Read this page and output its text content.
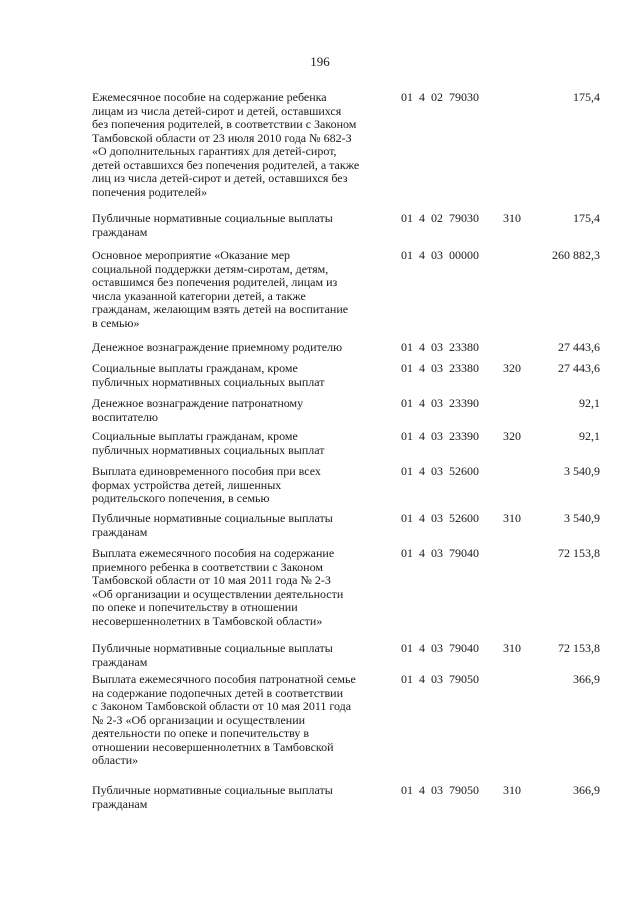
196
Ежемесячное пособие на содержание ребенка
лицам из числа детей-сирот и детей, оставшихся
без попечения родителей, в соответствии с Законом
Тамбовской области от 23 июля 2010 года № 682-З
«О дополнительных гарантиях для детей-сирот,
детей оставшихся без попечения родителей, а также
лиц из числа детей-сирот и детей, оставшихся без
попечения родителей»
01 4 02 79030	175,4
Публичные нормативные социальные выплаты
гражданам
01 4 02 79030 310	175,4
Основное мероприятие «Оказание мер
социальной поддержки детям-сиротам, детям,
оставшимся без попечения родителей, лицам из
числа указанной категории детей, а также
гражданам, желающим взять детей на воспитание
в семью»
01 4 03 00000	260 882,3
Денежное вознаграждение приемному родителю	01 4 03 23380	27 443,6
Социальные выплаты гражданам, кроме
публичных нормативных социальных выплат
01 4 03 23380 320	27 443,6
Денежное вознаграждение патронатному
воспитателю
01 4 03 23390	92,1
Социальные выплаты гражданам, кроме
публичных нормативных социальных выплат
01 4 03 23390 320	92,1
Выплата единовременного пособия при всех
формах устройства детей, лишенных
родительского попечения, в семью
01 4 03 52600	3 540,9
Публичные нормативные социальные выплаты
гражданам
01 4 03 52600 310	3 540,9
Выплата ежемесячного пособия на содержание
приемного ребенка в соответствии с Законом
Тамбовской области от 10 мая 2011 года № 2-З
«Об организации и осуществлении деятельности
по опеке и попечительству в отношении
несовершеннолетних в Тамбовской области»
01 4 03 79040	72 153,8
Публичные нормативные социальные выплаты
гражданам
01 4 03 79040 310	72 153,8
Выплата ежемесячного пособия патронатной семье
на содержание подопечных детей в соответствии
с Законом Тамбовской области от 10 мая 2011 года
№ 2-З «Об организации и осуществлении
деятельности по опеке и попечительству в
отношении несовершеннолетних в Тамбовской
области»
01 4 03 79050	366,9
Публичные нормативные социальные выплаты
гражданам
01 4 03 79050 310	366,9
